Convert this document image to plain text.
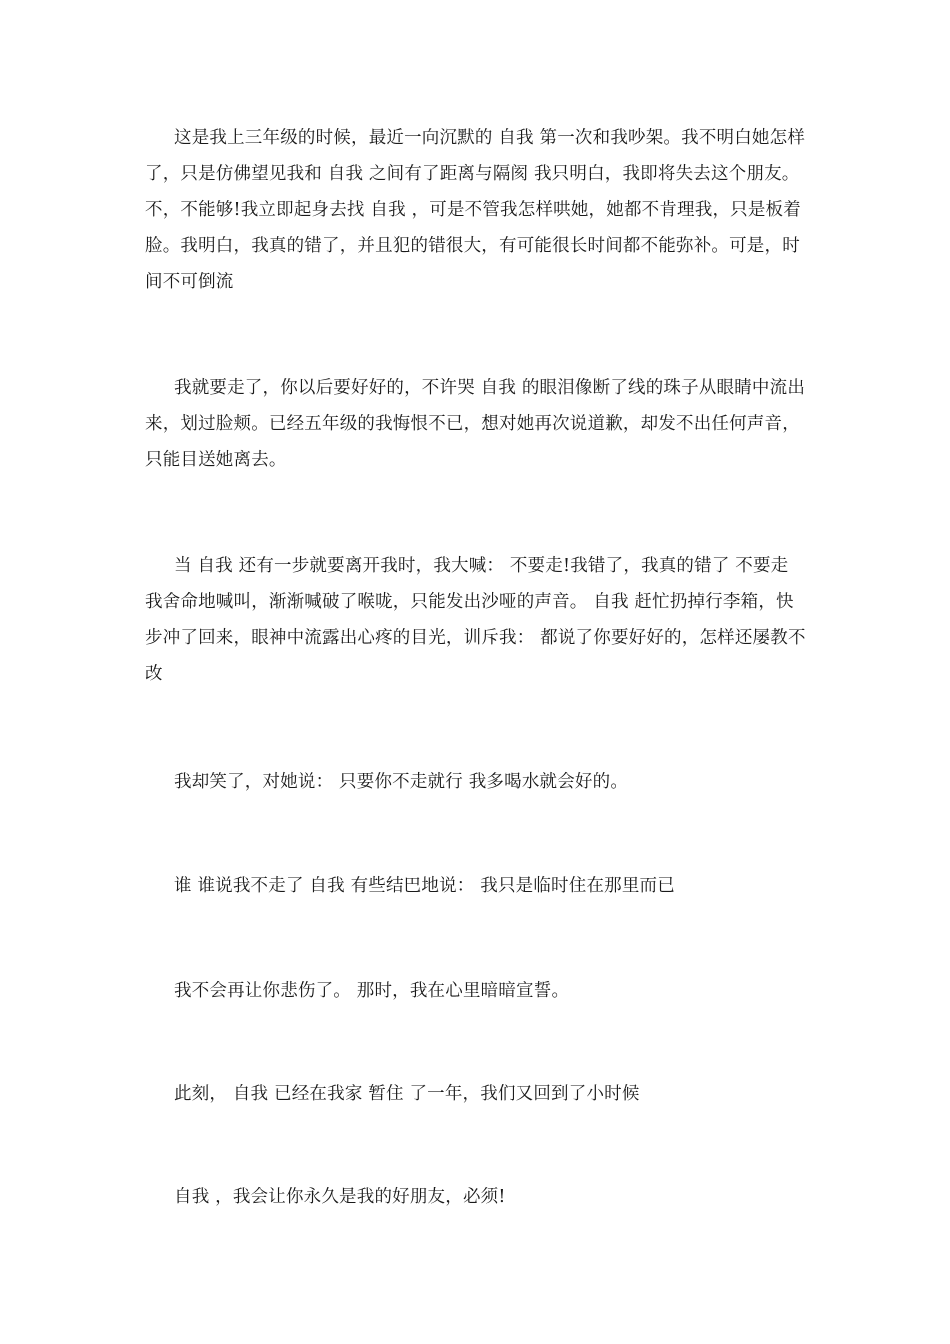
这是我上三年级的时候，最近一向沉默的 自我 第一次和我吵架。我不明白她怎样了，只是仿佛望见我和 自我 之间有了距离与隔阂 我只明白，我即将失去这个朋友。不，不能够!我立即起身去找 自我 ，可是不管我怎样哄她，她都不肯理我，只是板着脸。我明白，我真的错了，并且犯的错很大，有可能很长时间都不能弥补。可是，时间不可倒流

我就要走了，你以后要好好的，不许哭 自我 的眼泪像断了线的珠子从眼睛中流出来，划过脸颊。已经五年级的我悔恨不已，想对她再次说道歉，却发不出任何声音，只能目送她离去。

当 自我 还有一步就要离开我时，我大喊： 不要走!我错了，我真的错了 不要走 我舍命地喊叫，渐渐喊破了喉咙，只能发出沙哑的声音。 自我 赶忙扔掉行李箱，快步冲了回来，眼神中流露出心疼的目光，训斥我： 都说了你要好好的，怎样还屡教不改

我却笑了，对她说： 只要你不走就行 我多喝水就会好的。

谁 谁说我不走了 自我 有些结巴地说： 我只是临时住在那里而已

我不会再让你悲伤了。 那时，我在心里暗暗宣誓。

此刻， 自我 已经在我家 暂住 了一年，我们又回到了小时候

自我 ，我会让你永久是我的好朋友，必须!
